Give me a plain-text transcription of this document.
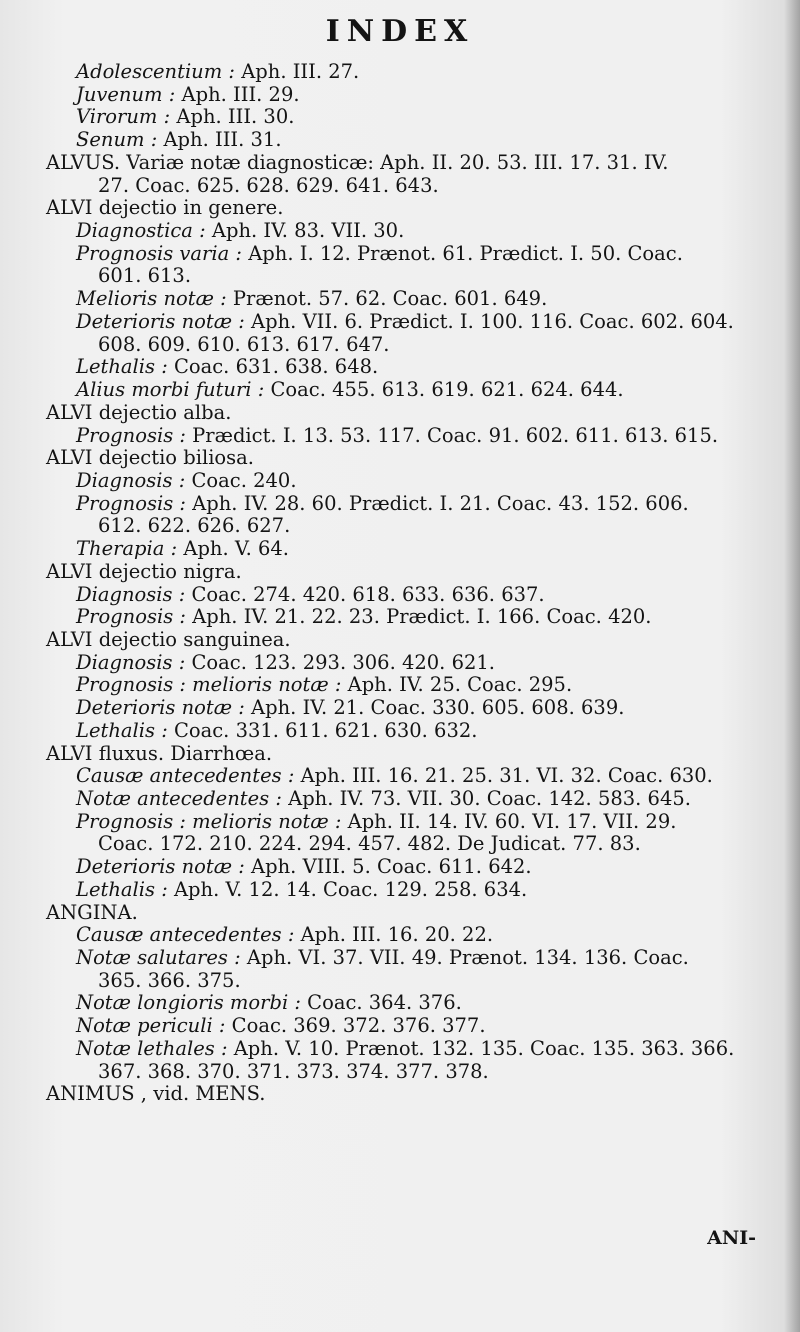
INDEX
Adolescentium : Aph. III. 27.
Juvenum : Aph. III. 29.
Virorum : Aph. III. 30.
Senum : Aph. III. 31.
ALVUS. Variæ notæ diagnosticæ: Aph. II. 20. 53. III. 17. 31. IV.
27. Coac. 625. 628. 629. 641. 643.
ALVI dejectio in genere.
Diagnostica : Aph. IV. 83. VII. 30.
Prognosis varia : Aph. I. 12. Prænot. 61. Prædict. I. 50. Coac.
601. 613.
Melioris notæ : Prænot. 57. 62. Coac. 601. 649.
Deterioris notæ : Aph. VII. 6. Prædict. I. 100. 116. Coac. 602. 604.
608. 609. 610. 613. 617. 647.
Lethalis : Coac. 631. 638. 648.
Alius morbi futuri : Coac. 455. 613. 619. 621. 624. 644.
ALVI dejectio alba.
Prognosis : Prædict. I. 13. 53. 117. Coac. 91. 602. 611. 613. 615.
ALVI dejectio biliosa.
Diagnosis : Coac. 240.
Prognosis : Aph. IV. 28. 60. Prædict. I. 21. Coac. 43. 152. 606.
612. 622. 626. 627.
Therapia : Aph. V. 64.
ALVI dejectio nigra.
Diagnosis : Coac. 274. 420. 618. 633. 636. 637.
Prognosis : Aph. IV. 21. 22. 23. Prædict. I. 166. Coac. 420.
ALVI dejectio sanguinea.
Diagnosis : Coac. 123. 293. 306. 420. 621.
Prognosis : melioris notæ : Aph. IV. 25. Coac. 295.
Deterioris notæ : Aph. IV. 21. Coac. 330. 605. 608. 639.
Lethalis : Coac. 331. 611. 621. 630. 632.
ALVI fluxus. Diarrhœa.
Causæ antecedentes : Aph. III. 16. 21. 25. 31. VI. 32. Coac. 630.
Notæ antecedentes : Aph. IV. 73. VII. 30. Coac. 142. 583. 645.
Prognosis : melioris notæ : Aph. II. 14. IV. 60. VI. 17. VII. 29.
Coac. 172. 210. 224. 294. 457. 482. De Judicat. 77. 83.
Deterioris notæ : Aph. VIII. 5. Coac. 611. 642.
Lethalis : Aph. V. 12. 14. Coac. 129. 258. 634.
ANGINA.
Causæ antecedentes : Aph. III. 16. 20. 22.
Notæ salutares : Aph. VI. 37. VII. 49. Prænot. 134. 136. Coac.
365. 366. 375.
Notæ longioris morbi : Coac. 364. 376.
Notæ periculi : Coac. 369. 372. 376. 377.
Notæ lethales : Aph. V. 10. Prænot. 132. 135. Coac. 135. 363. 366.
367. 368. 370. 371. 373. 374. 377. 378.
ANIMUS , vid. MENS.
ANI-
